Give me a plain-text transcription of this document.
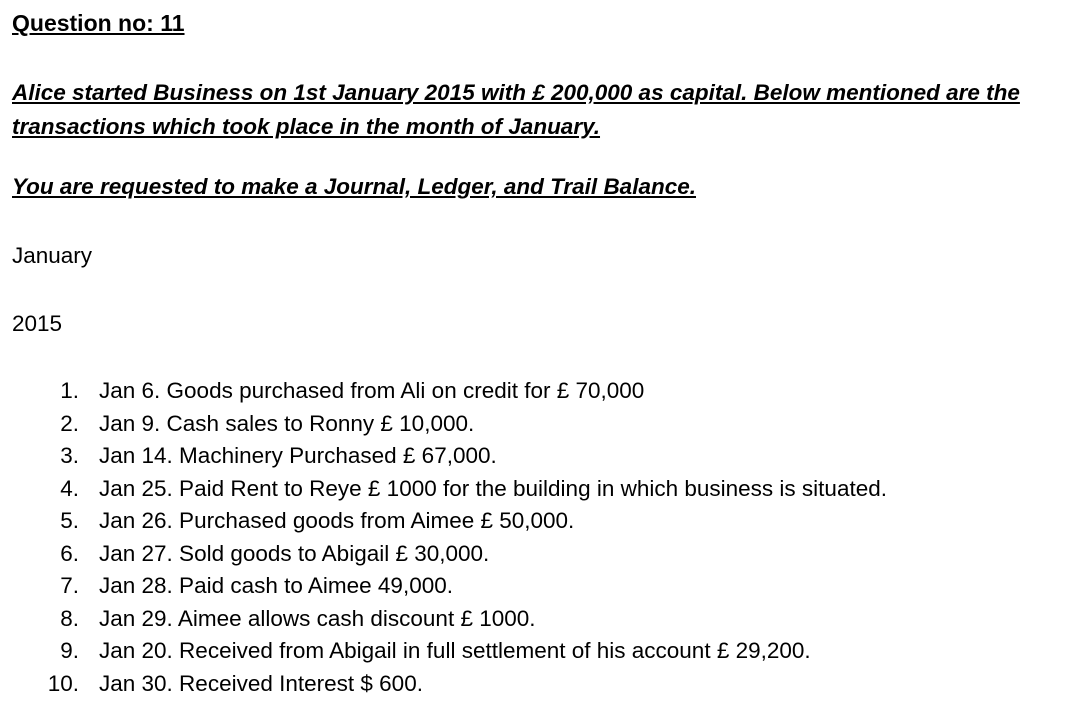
Question no: 11
Alice started Business on 1st January 2015 with £ 200,000 as capital. Below mentioned are the transactions which took place in the month of January.
You are requested to make a Journal, Ledger, and Trail Balance.
January
2015
1. Jan 6. Goods purchased from Ali on credit for £ 70,000
2. Jan 9. Cash sales to Ronny £ 10,000.
3. Jan 14. Machinery Purchased £ 67,000.
4. Jan 25. Paid Rent to Reye £ 1000 for the building in which business is situated.
5. Jan 26. Purchased goods from Aimee £ 50,000.
6. Jan 27. Sold goods to Abigail £ 30,000.
7. Jan 28. Paid cash to Aimee 49,000.
8. Jan 29. Aimee allows cash discount £ 1000.
9. Jan 20. Received from Abigail in full settlement of his account £ 29,200.
10. Jan 30. Received Interest $ 600.
